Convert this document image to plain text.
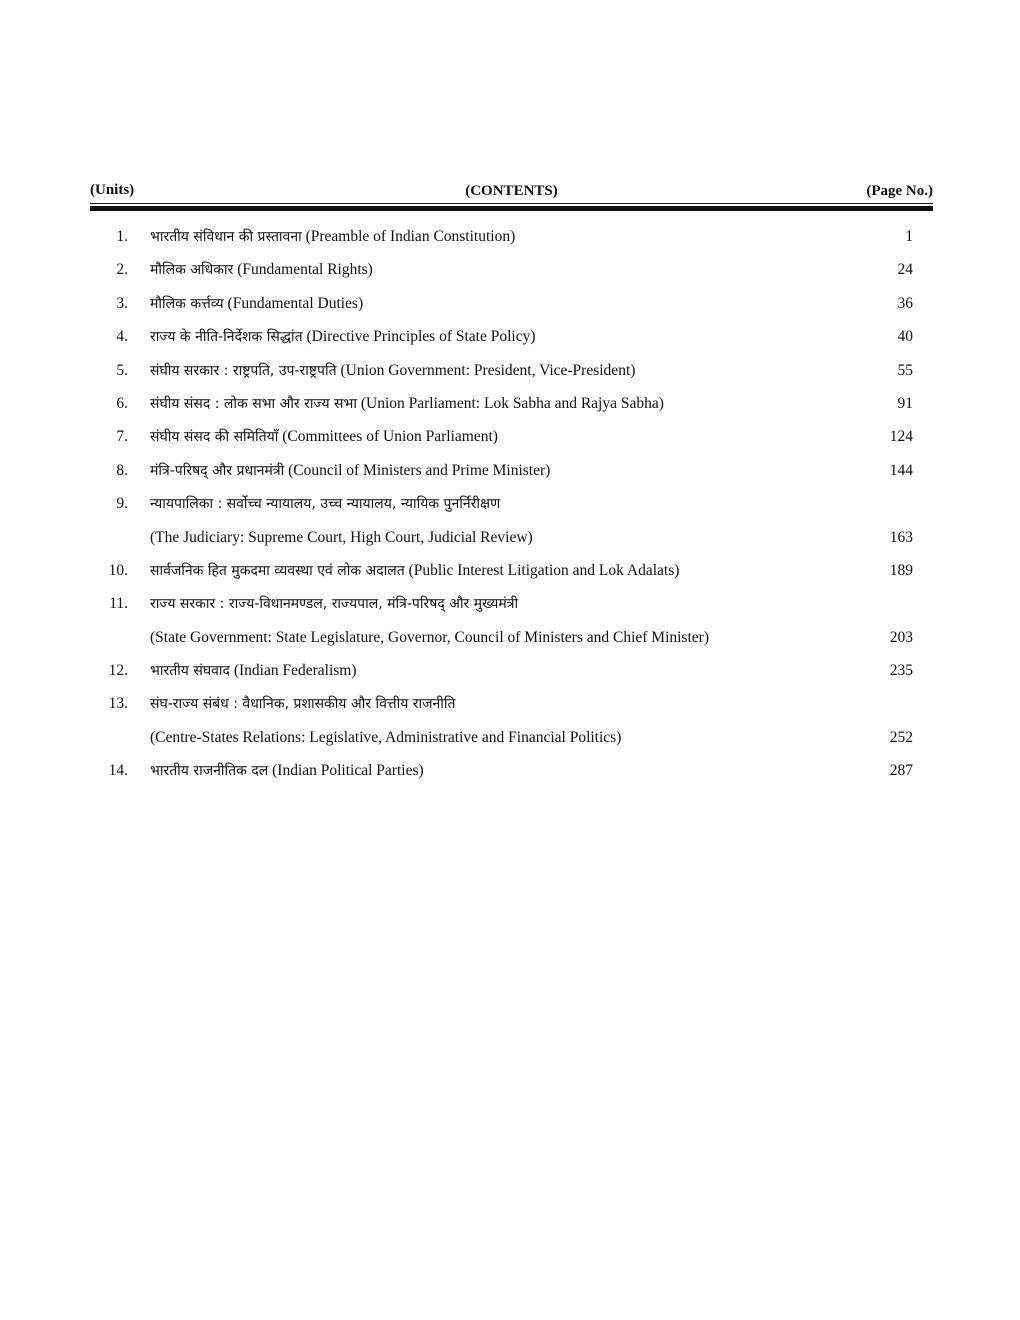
(Units)	(CONTENTS)	(Page No.)
1. भारतीय संविधान की प्रस्तावना (Preamble of Indian Constitution)	1
2. मौलिक अधिकार (Fundamental Rights)	24
3. मौलिक कर्त्तव्य (Fundamental Duties)	36
4. राज्य के नीति-निर्देशक सिद्धांत (Directive Principles of State Policy)	40
5. संघीय सरकार : राष्ट्रपति, उप-राष्ट्रपति (Union Government: President, Vice-President)	55
6. संघीय संसद : लोक सभा और राज्य सभा (Union Parliament: Lok Sabha and Rajya Sabha)	91
7. संघीय संसद की समितियाँ (Committees of Union Parliament)	124
8. मंत्रि-परिषद् और प्रधानमंत्री (Council of Ministers and Prime Minister)	144
9. न्यायपालिका : सर्वोच्च न्यायालय, उच्च न्यायालय, न्यायिक पुनर्निरीक्षण
(The Judiciary: Supreme Court, High Court, Judicial Review)	163
10. सार्वजनिक हित मुकदमा व्यवस्था एवं लोक अदालत (Public Interest Litigation and Lok Adalats)	189
11. राज्य सरकार : राज्य-विधानमण्डल, राज्यपाल, मंत्रि-परिषद् और मुख्यमंत्री
(State Government: State Legislature, Governor, Council of Ministers and Chief Minister)	203
12. भारतीय संघवाद (Indian Federalism)	235
13. संघ-राज्य संबंध : वैधानिक, प्रशासकीय और वित्तीय राजनीति
(Centre-States Relations: Legislative, Administrative and Financial Politics)	252
14. भारतीय राजनीतिक दल (Indian Political Parties)	287
